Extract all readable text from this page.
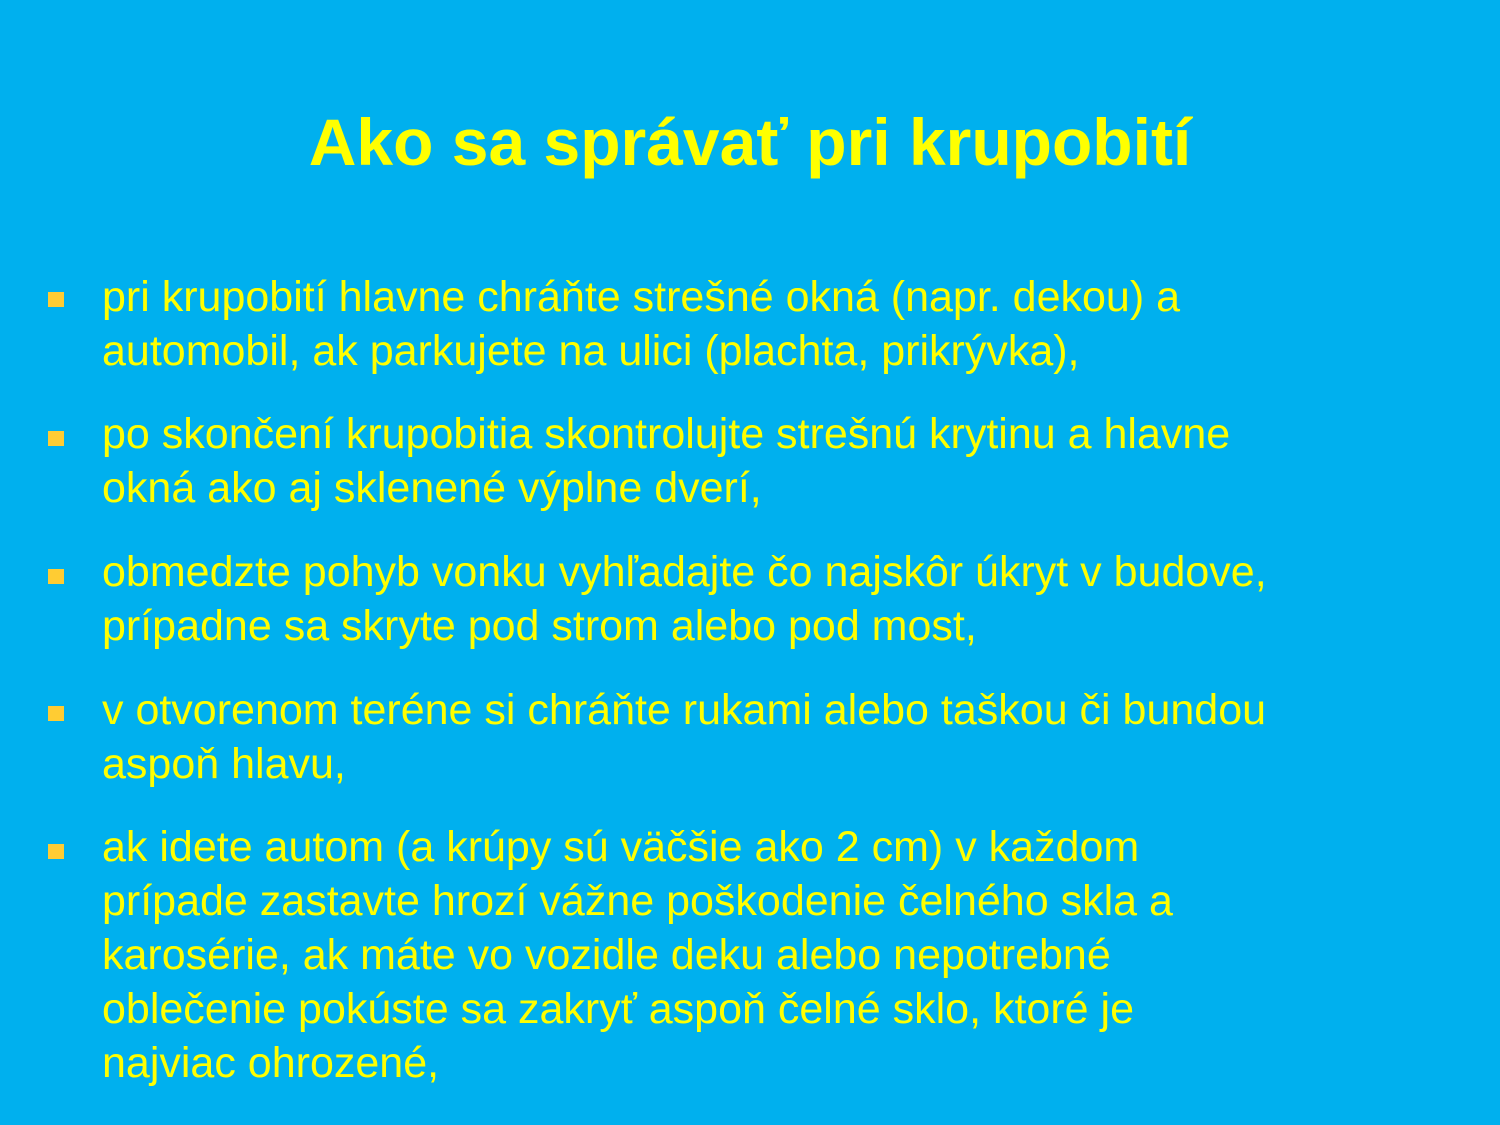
Ako sa správať pri krupobití

pri krupobití hlavne chráňte strešné okná (napr. dekou) a
automobil, ak parkujete na ulici (plachta, prikrývka),

po skončení krupobitia skontrolujte strešnú krytinu a hlavne
okná ako aj sklenené výplne dverí,

obmedzte pohyb vonku vyhľadajte čo najskôr úkryt v budove,
prípadne sa skryte pod strom alebo pod most,

v otvorenom teréne si chráňte rukami alebo taškou či bundou
aspoň hlavu,

ak idete autom (a krúpy sú väčšie ako 2 cm) v každom
prípade zastavte hrozí vážne poškodenie čelného skla a
karosérie, ak máte vo vozidle deku alebo nepotrebné
oblečenie pokúste sa zakryť aspoň čelné sklo, ktoré je
najviac ohrozené,
